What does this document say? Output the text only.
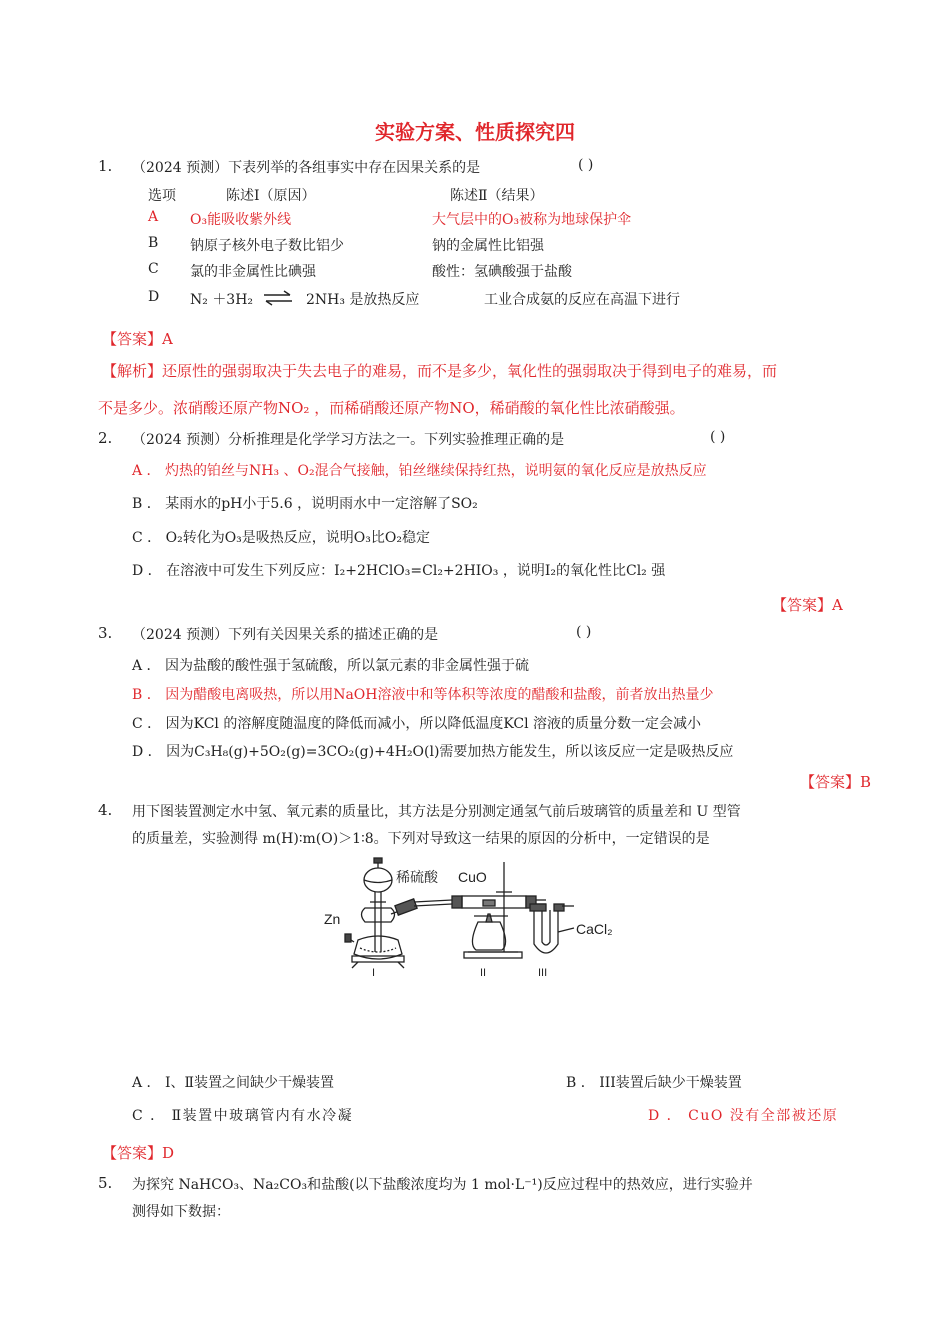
实验方案、性质探究四
1. （2024 预测）下表列举的各组事实中存在因果关系的是	( )
选项	陈述Ⅰ（原因）	陈述Ⅱ（结果）
A O₃能吸收紫外线	大气层中的O₃被称为地球保护伞
B 钠原子核外电子数比铝少	钠的金属性比铝强
C 氯的非金属性比碘强	酸性：氢碘酸强于盐酸
D N₂ ＋3H₂ ⇌ 2NH₃ 是放热反应	工业合成氨的反应在高温下进行
【答案】A
【解析】还原性的强弱取决于失去电子的难易，而不是多少，氧化性的强弱取决于得到电子的难易，而
不是多少。浓硝酸还原产物NO₂ ，而稀硝酸还原产物NO，稀硝酸的氧化性比浓硝酸强。
2. （2024 预测）分析推理是化学学习方法之一。下列实验推理正确的是	( )
A ． 灼热的铂丝与NH₃ 、O₂混合气接触，铂丝继续保持红热，说明氨的氧化反应是放热反应
B ． 某雨水的pH小于5.6 ，说明雨水中一定溶解了SO₂
C ． O₂转化为O₃是吸热反应，说明O₃比O₂稳定
D ． 在溶液中可发生下列反应：I₂+2HClO₃=Cl₂+2HIO₃ ，说明I₂的氧化性比Cl₂ 强
【答案】A
3. （2024 预测）下列有关因果关系的描述正确的是	( )
A ． 因为盐酸的酸性强于氢硫酸，所以氯元素的非金属性强于硫
B ． 因为醋酸电离吸热，所以用NaOH溶液中和等体积等浓度的醋酸和盐酸，前者放出热量少
C ． 因为KCl 的溶解度随温度的降低而减小，所以降低温度KCl 溶液的质量分数一定会减小
D ． 因为C₃H₈(g)+5O₂(g)=3CO₂(g)+4H₂O(l)需要加热方能发生，所以该反应一定是吸热反应
【答案】B
4. 用下图装置测定水中氢、氧元素的质量比，其方法是分别测定通氢气前后玻璃管的质量差和 U 型管
的质量差，实验测得 m(H)∶m(O)＞1∶8。下列对导致这一结果的原因的分析中，一定错误的是
稀硫酸 CuO
Zn
CaCl₂
I	II	III
A ． Ⅰ、Ⅱ装置之间缺少干燥装置	B ． III装置后缺少干燥装置
C ． Ⅱ装置中玻璃管内有水冷凝	D ． CuO 没有全部被还原
【答案】D
5. 为探究 NaHCO₃、Na₂CO₃和盐酸(以下盐酸浓度均为 1 mol·L⁻¹)反应过程中的热效应，进行实验并
测得如下数据：
